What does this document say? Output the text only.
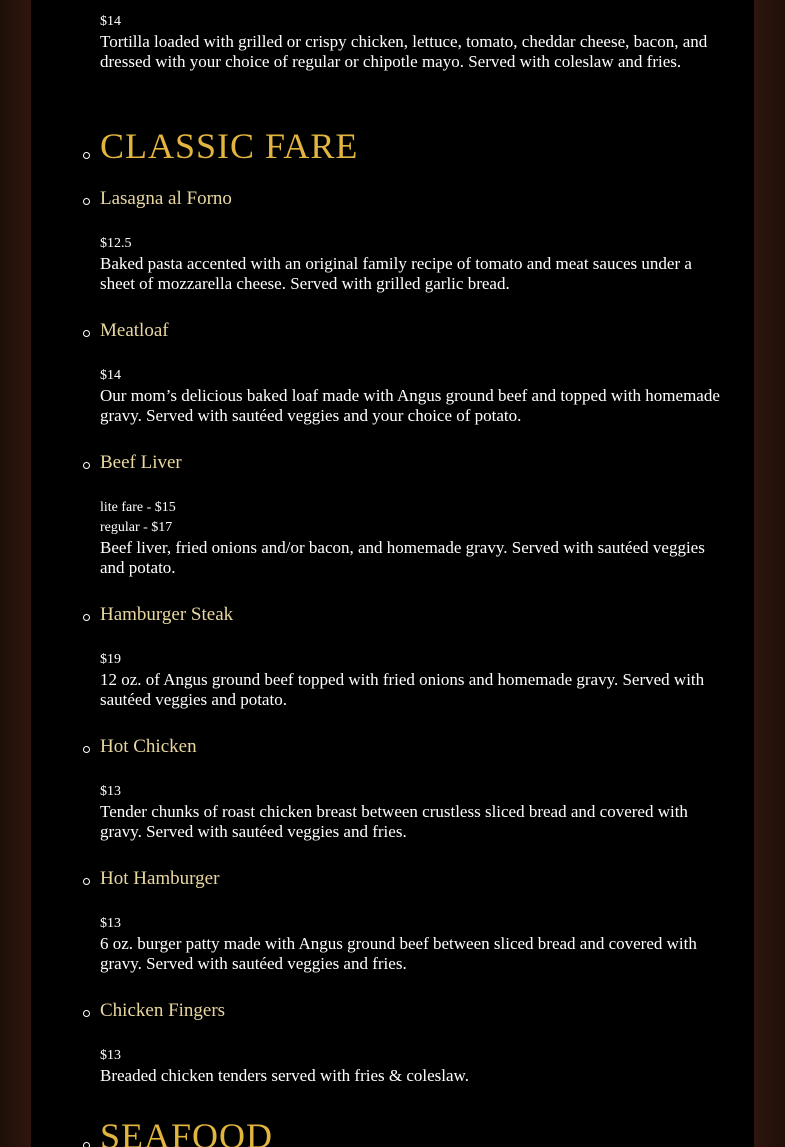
$14
Tortilla loaded with grilled or crispy chicken, lettuce, tomato, cheddar cheese, bacon, and dressed with your choice of regular or chipotle mayo. Served with coleslaw and fries.
CLASSIC FARE
Lasagna al Forno
$12.5
Baked pasta accented with an original family recipe of tomato and meat sauces under a sheet of mozzarella cheese. Served with grilled garlic bread.
Meatloaf
$14
Our mom’s delicious baked loaf made with Angus ground beef and topped with homemade gravy. Served with sautéed veggies and your choice of potato.
Beef Liver
lite fare - $15
regular - $17
Beef liver, fried onions and/or bacon, and homemade gravy. Served with sautéed veggies and potato.
Hamburger Steak
$19
12 oz. of Angus ground beef topped with fried onions and homemade gravy. Served with sautéed veggies and potato.
Hot Chicken
$13
Tender chunks of roast chicken breast between crustless sliced bread and covered with gravy. Served with sautéed veggies and fries.
Hot Hamburger
$13
6 oz. burger patty made with Angus ground beef between sliced bread and covered with gravy. Served with sautéed veggies and fries.
Chicken Fingers
$13
Breaded chicken tenders served with fries & coleslaw.
SEAFOOD
